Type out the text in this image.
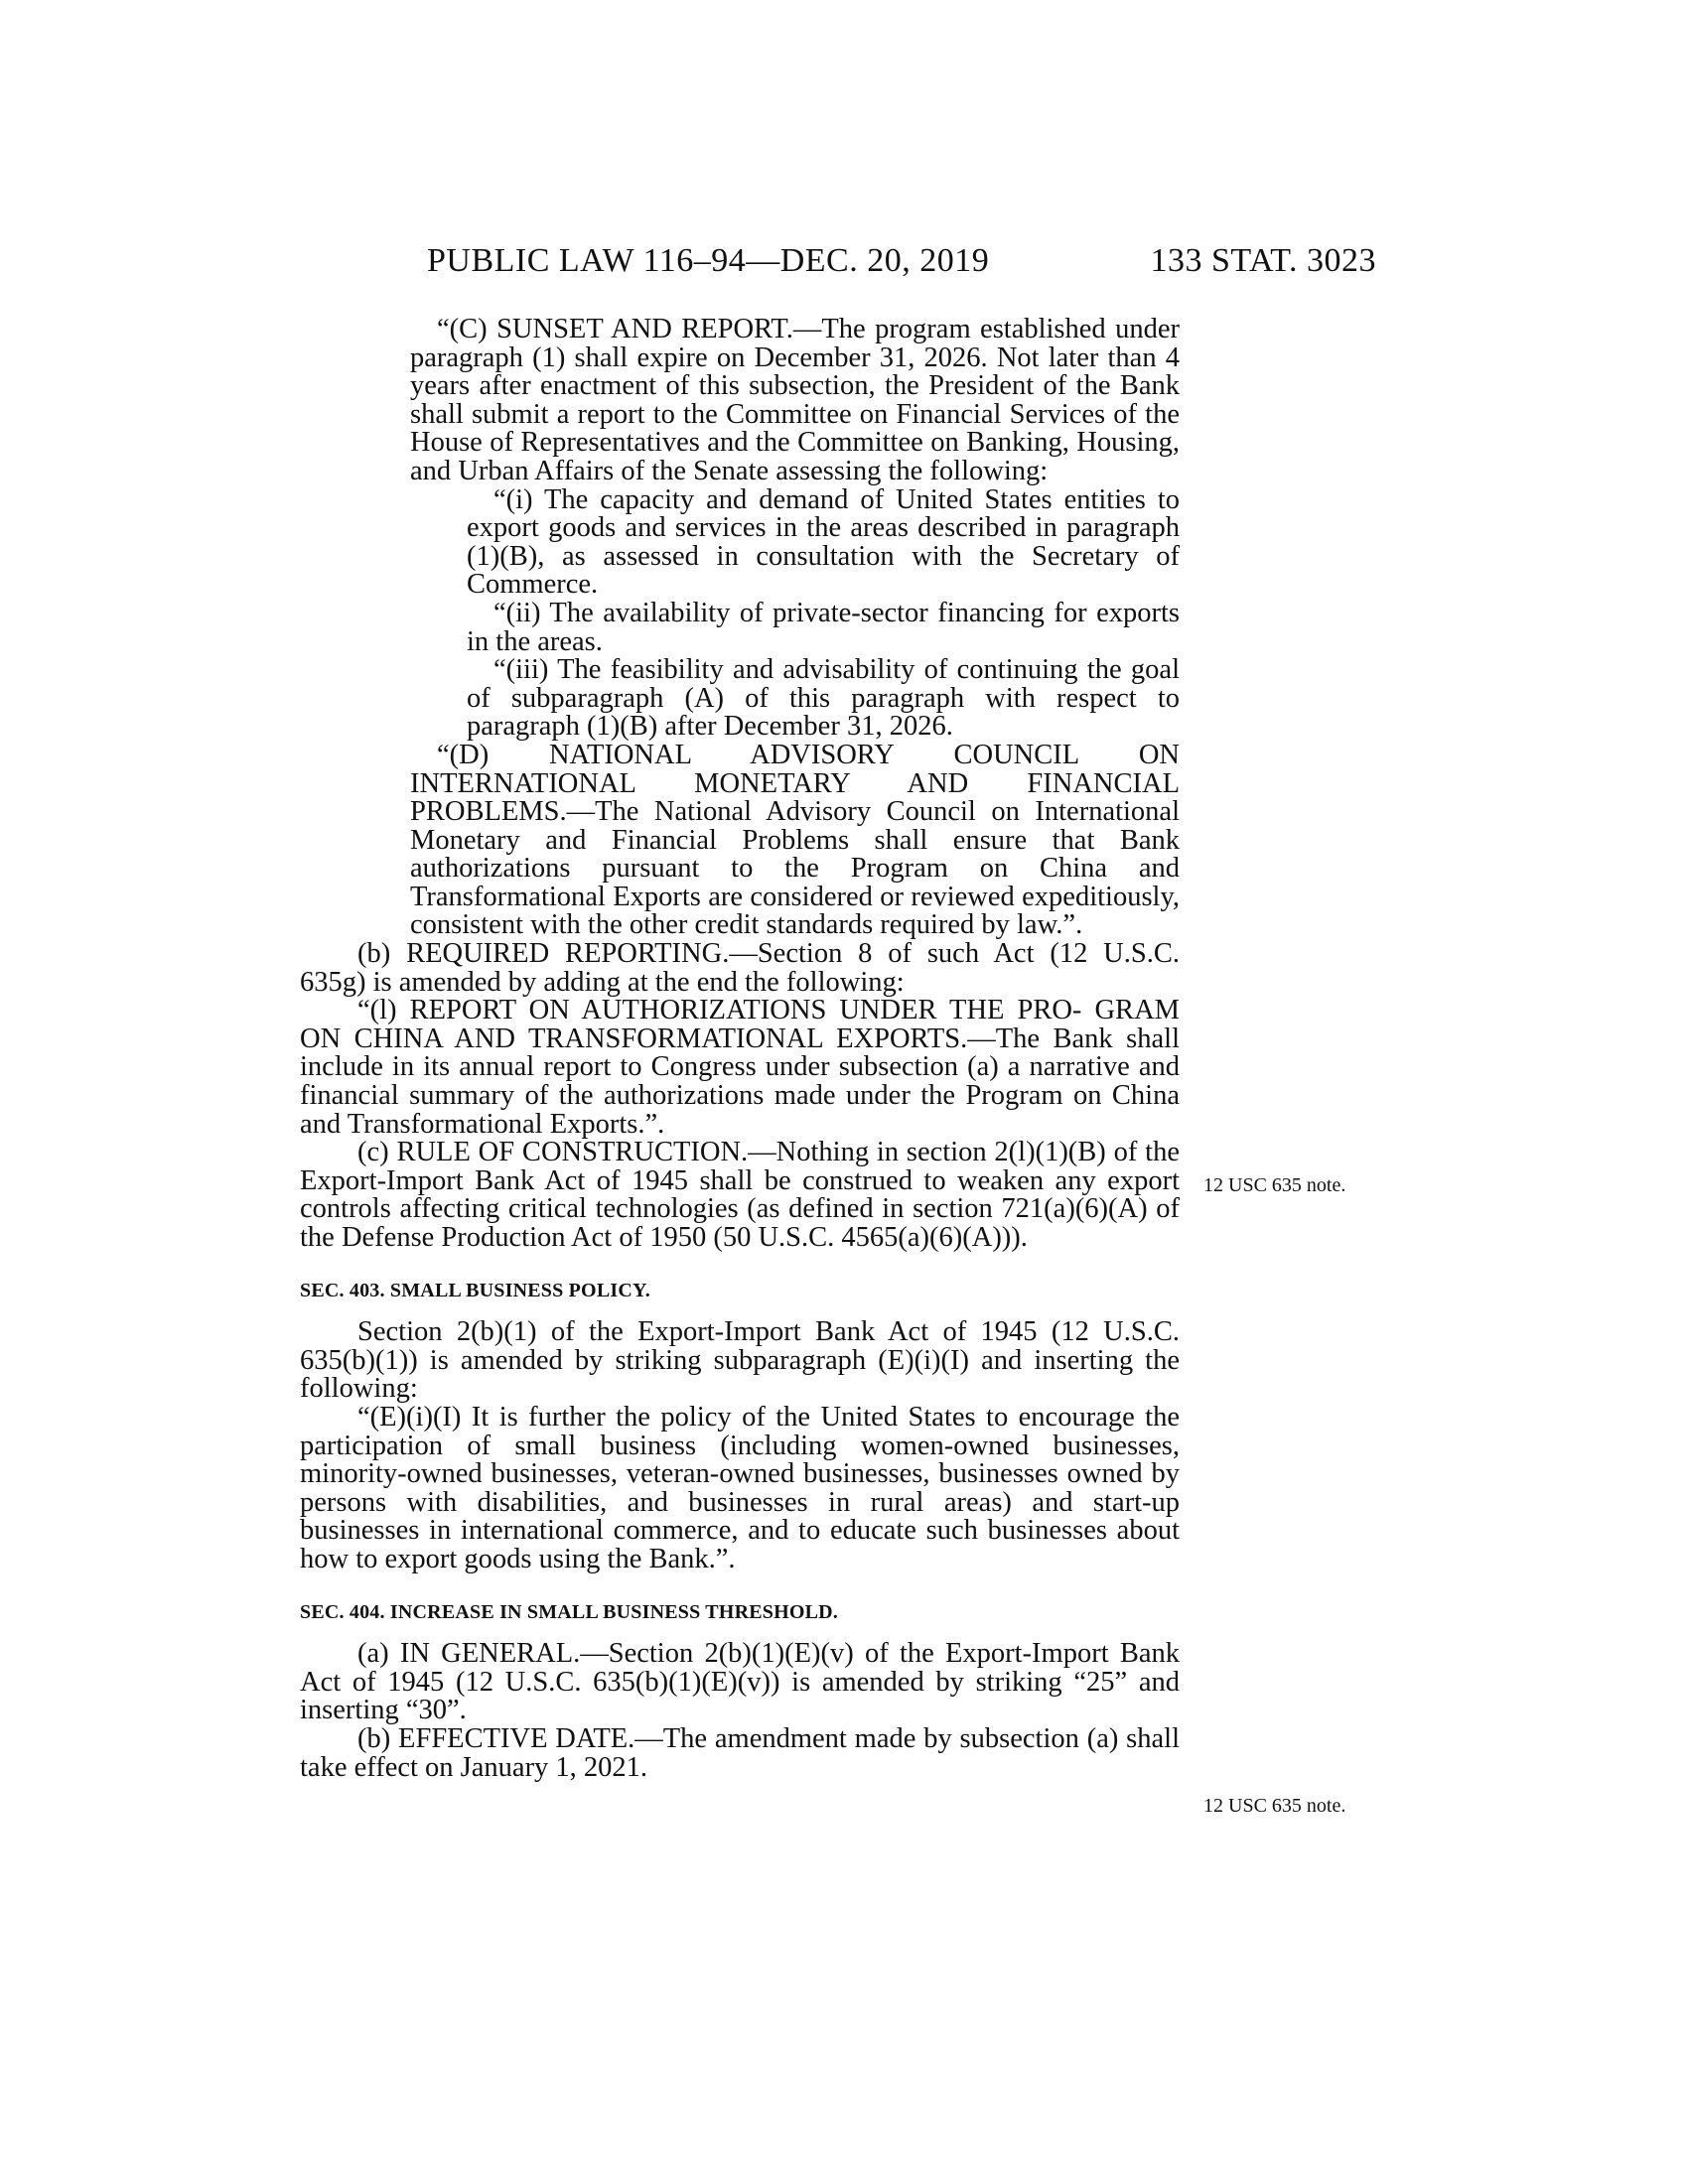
PUBLIC LAW 116–94—DEC. 20, 2019	133 STAT. 3023

“(C) SUNSET AND REPORT.—The program established under paragraph (1) shall expire on December 31, 2026. Not later than 4 years after enactment of this subsection, the President of the Bank shall submit a report to the Committee on Financial Services of the House of Representatives and the Committee on Banking, Housing, and Urban Affairs of the Senate assessing the following:

“(i) The capacity and demand of United States entities to export goods and services in the areas described in paragraph (1)(B), as assessed in consultation with the Secretary of Commerce.

“(ii) The availability of private-sector financing for exports in the areas.

“(iii) The feasibility and advisability of continuing the goal of subparagraph (A) of this paragraph with respect to paragraph (1)(B) after December 31, 2026.

“(D) NATIONAL ADVISORY COUNCIL ON INTERNATIONAL MONETARY AND FINANCIAL PROBLEMS.—The National Advisory Council on International Monetary and Financial Problems shall ensure that Bank authorizations pursuant to the Program on China and Transformational Exports are considered or reviewed expeditiously, consistent with the other credit standards required by law.”.

(b) REQUIRED REPORTING.—Section 8 of such Act (12 U.S.C. 635g) is amended by adding at the end the following:

“(l) REPORT ON AUTHORIZATIONS UNDER THE PRO- GRAM ON CHINA AND TRANSFORMATIONAL EXPORTS.—The Bank shall include in its annual report to Congress under subsection (a) a narrative and financial summary of the authorizations made under the Program on China and Transformational Exports.”.

(c) RULE OF CONSTRUCTION.—Nothing in section 2(l)(1)(B) of the Export-Import Bank Act of 1945 shall be construed to weaken any export controls affecting critical technologies (as defined in section 721(a)(6)(A) of the Defense Production Act of 1950 (50 U.S.C. 4565(a)(6)(A))).

SEC. 403. SMALL BUSINESS POLICY.

Section 2(b)(1) of the Export-Import Bank Act of 1945 (12 U.S.C. 635(b)(1)) is amended by striking subparagraph (E)(i)(I) and inserting the following:

“(E)(i)(I) It is further the policy of the United States to encourage the participation of small business (including women-owned businesses, minority-owned businesses, veteran-owned businesses, businesses owned by persons with disabilities, and businesses in rural areas) and start-up businesses in international commerce, and to educate such businesses about how to export goods using the Bank.”.

SEC. 404. INCREASE IN SMALL BUSINESS THRESHOLD.

(a) IN GENERAL.—Section 2(b)(1)(E)(v) of the Export-Import Bank Act of 1945 (12 U.S.C. 635(b)(1)(E)(v)) is amended by striking “25” and inserting “30”.

(b) EFFECTIVE DATE.—The amendment made by subsection (a) shall take effect on January 1, 2021.

12 USC 635 note.
12 USC 635 note.
